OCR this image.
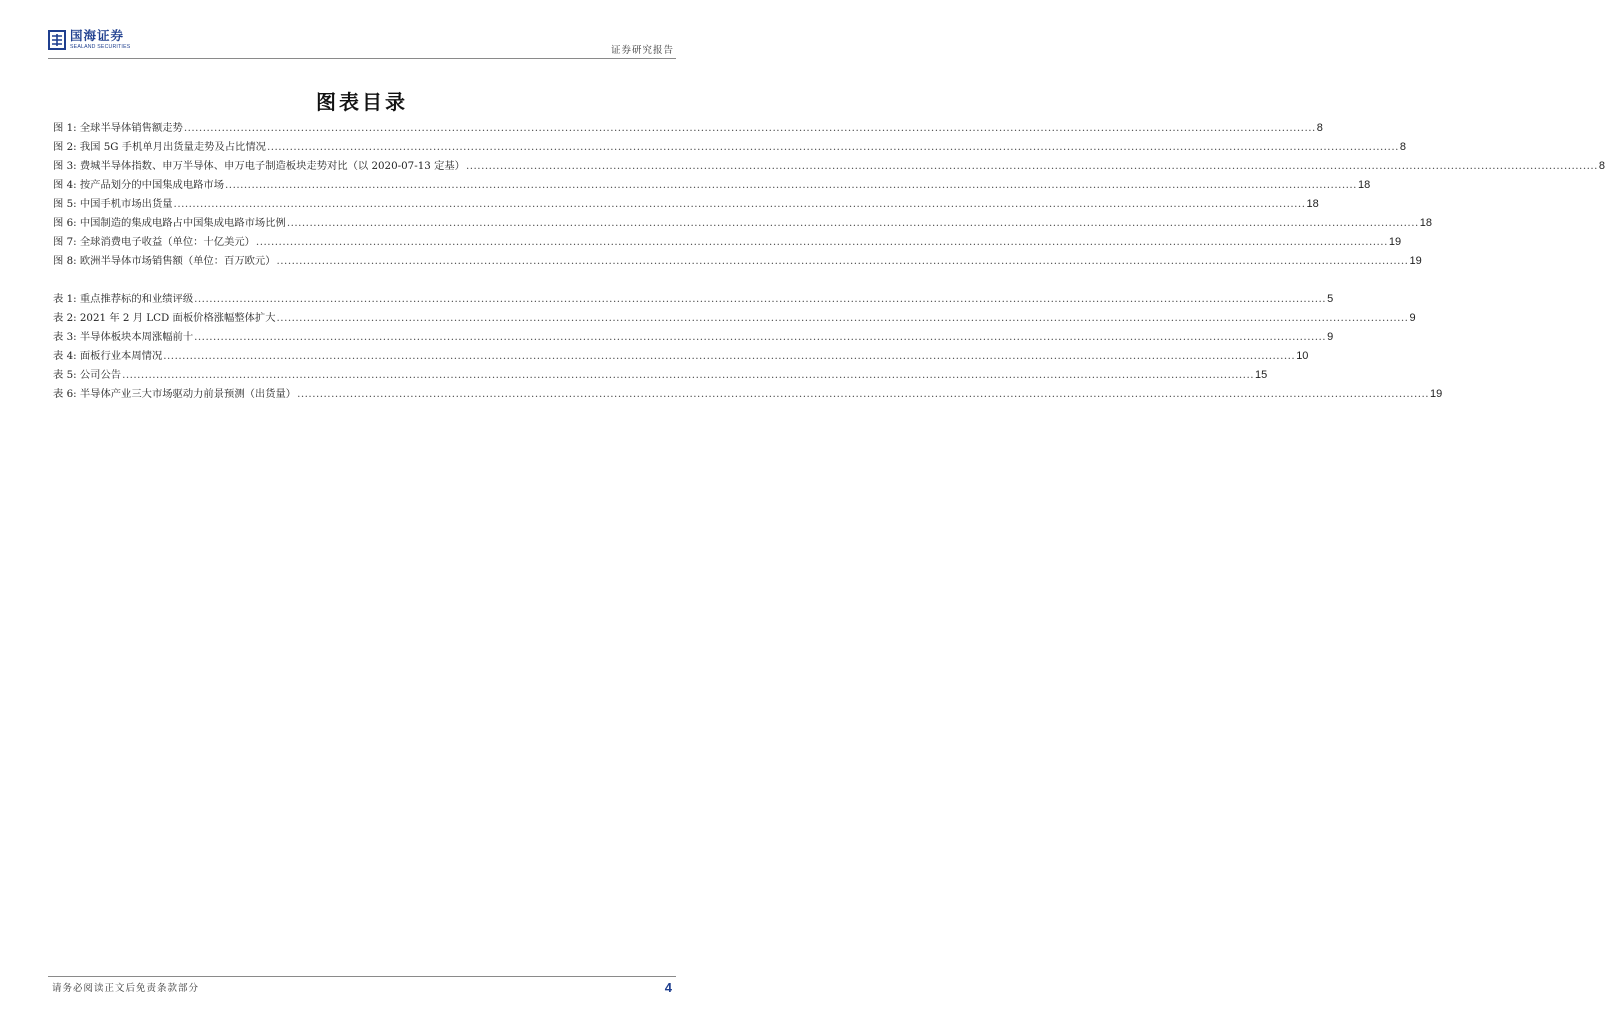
国海证券
SEALAND SECURITIES	证券研究报告
图表目录
图 1: 全球半导体销售额走势 ............................................................................................................................................................................................................................................................................................................ 8
图 2: 我国 5G 手机单月出货量走势及占比情况 ............................................................................................................................................................................................................................................................................................................ 8
图 3: 费城半导体指数、申万半导体、申万电子制造板块走势对比（以 2020-07-13 定基） ............................................................................................................................................................................................................................................................................................................ 8
图 4: 按产品划分的中国集成电路市场 ............................................................................................................................................................................................................................................................................................................ 18
图 5: 中国手机市场出货量 ............................................................................................................................................................................................................................................................................................................ 18
图 6: 中国制造的集成电路占中国集成电路市场比例 ............................................................................................................................................................................................................................................................................................................ 18
图 7: 全球消费电子收益（单位：十亿美元） ............................................................................................................................................................................................................................................................................................................ 19
图 8: 欧洲半导体市场销售额（单位：百万欧元） ............................................................................................................................................................................................................................................................................................................ 19
表 1: 重点推荐标的和业绩评级 ............................................................................................................................................................................................................................................................................................................ 5
表 2: 2021 年 2 月 LCD 面板价格涨幅整体扩大 ............................................................................................................................................................................................................................................................................................................ 9
表 3: 半导体板块本周涨幅前十 ............................................................................................................................................................................................................................................................................................................ 9
表 4: 面板行业本周情况 ............................................................................................................................................................................................................................................................................................................ 10
表 5: 公司公告 ............................................................................................................................................................................................................................................................................................................ 15
表 6: 半导体产业三大市场驱动力前景预测（出货量） ............................................................................................................................................................................................................................................................................................................ 19
请务必阅读正文后免责条款部分	4
